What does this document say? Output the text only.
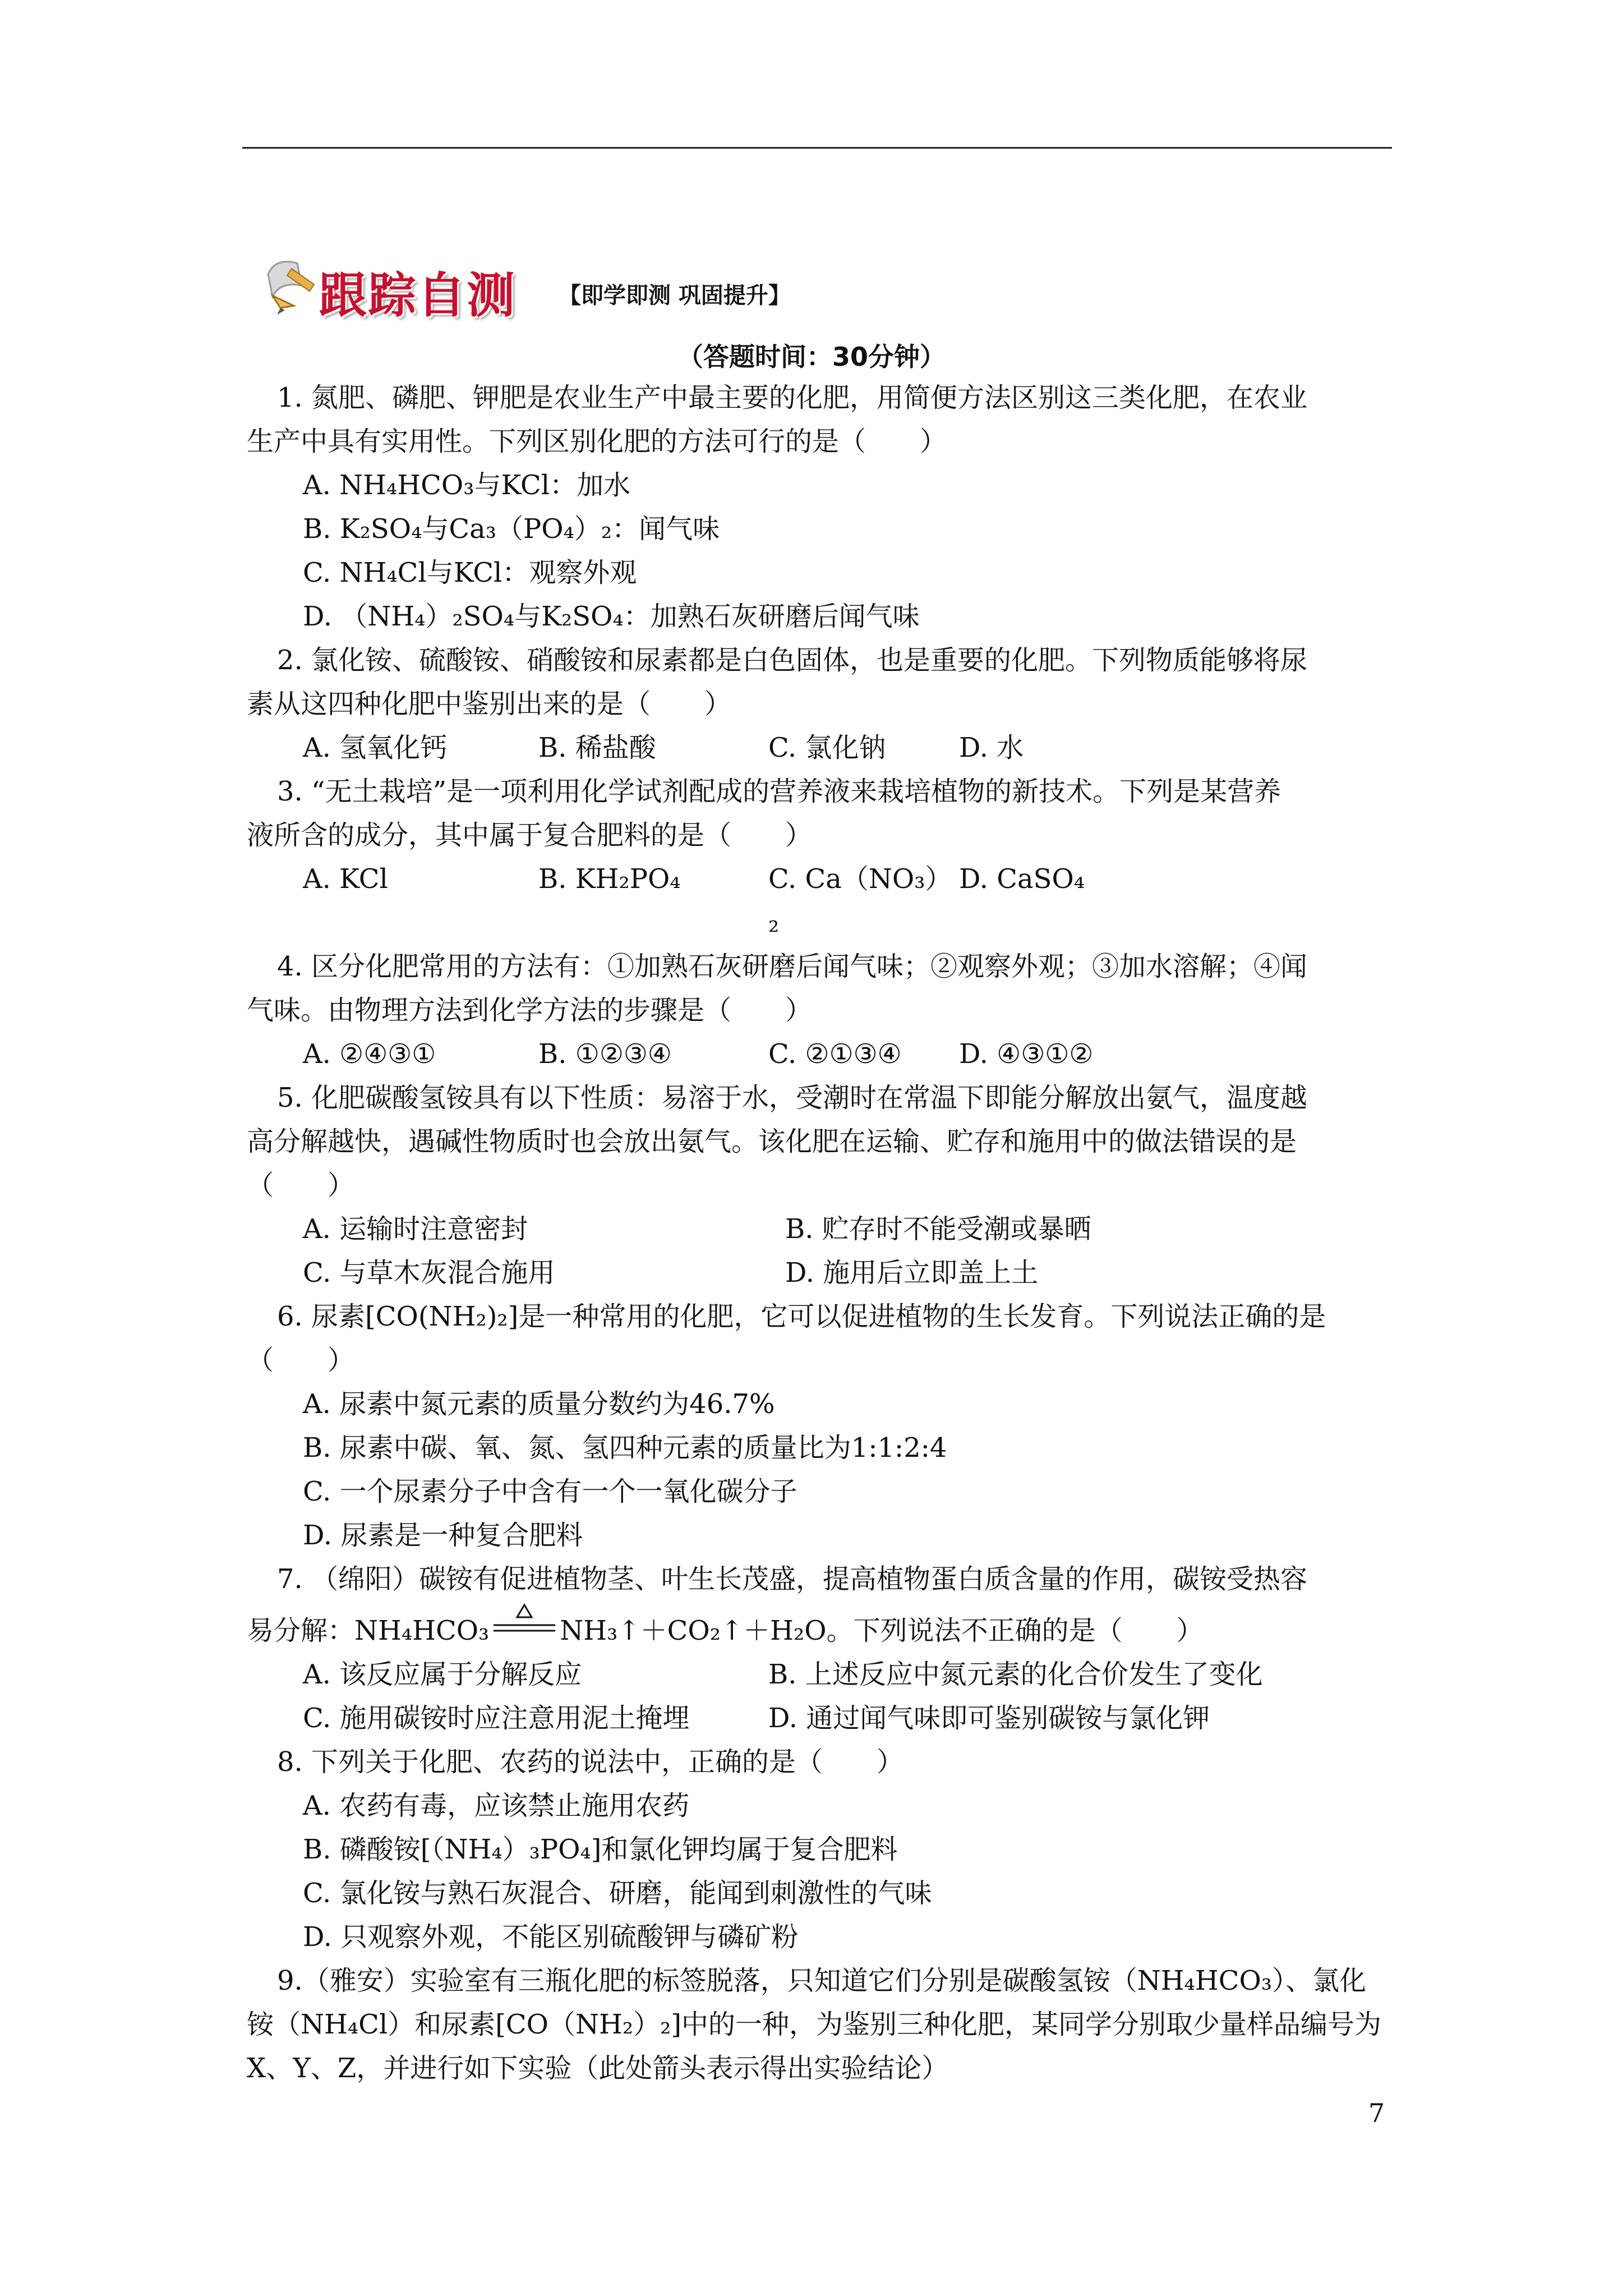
跟踪自测 【即学即测 巩固提升】
（答题时间：30分钟）

1. 氮肥、磷肥、钾肥是农业生产中最主要的化肥，用简便方法区别这三类化肥，在农业

生产中具有实用性。下列区别化肥的方法可行的是（　　）

A. NH₄HCO₃与KCl：加水

B. K₂SO₄与Ca₃（PO₄）₂：闻气味

C. NH₄Cl与KCl：观察外观

D. （NH₄）₂SO₄与K₂SO₄：加熟石灰研磨后闻气味

2. 氯化铵、硫酸铵、硝酸铵和尿素都是白色固体，也是重要的化肥。下列物质能够将尿

素从这四种化肥中鉴别出来的是（　　）

A. 氢氧化钙	B. 稀盐酸	C. 氯化钠	D. 水

3. “无土栽培”是一项利用化学试剂配成的营养液来栽培植物的新技术。下列是某营养

液所含的成分，其中属于复合肥料的是（　　）

A. KCl	B. KH₂PO₄	C. Ca（NO₃）₂
D. CaSO₄

4. 区分化肥常用的方法有：①加熟石灰研磨后闻气味；②观察外观；③加水溶解；④闻

气味。由物理方法到化学方法的步骤是（　　）

A. ②④③①	B. ①②③④	C. ②①③④	D. ④③①②

5. 化肥碳酸氢铵具有以下性质：易溶于水，受潮时在常温下即能分解放出氨气，温度越

高分解越快，遇碱性物质时也会放出氨气。该化肥在运输、贮存和施用中的做法错误的是

（　　）

A. 运输时注意密封	B. 贮存时不能受潮或暴晒
C. 与草木灰混合施用	D. 施用后立即盖上土

6. 尿素[CO(NH₂)₂]是一种常用的化肥，它可以促进植物的生长发育。下列说法正确的是

（　　）

A. 尿素中氮元素的质量分数约为46.7%

B. 尿素中碳、氧、氮、氢四种元素的质量比为1:1:2:4

C. 一个尿素分子中含有一个一氧化碳分子

D. 尿素是一种复合肥料

7. （绵阳）碳铵有促进植物茎、叶生长茂盛，提高植物蛋白质含量的作用，碳铵受热容

易分解：NH₄HCO₃	NH₃↑＋CO₂↑＋H₂O。下列说法不正确的是（　　）

A. 该反应属于分解反应	B. 上述反应中氮元素的化合价发生了变化
C. 施用碳铵时应注意用泥土掩埋	D. 通过闻气味即可鉴别碳铵与氯化钾

8. 下列关于化肥、农药的说法中，正确的是（　　）

A. 农药有毒，应该禁止施用农药

B. 磷酸铵[（NH₄）₃PO₄]和氯化钾均属于复合肥料

C. 氯化铵与熟石灰混合、研磨，能闻到刺激性的气味

D. 只观察外观，不能区别硫酸钾与磷矿粉

9.（雅安）实验室有三瓶化肥的标签脱落，只知道它们分别是碳酸氢铵（NH₄HCO₃）、氯化

铵（NH₄Cl）和尿素[CO（NH₂）₂]中的一种，为鉴别三种化肥，某同学分别取少量样品编号为

X、Y、Z，并进行如下实验（此处箭头表示得出实验结论）

7
